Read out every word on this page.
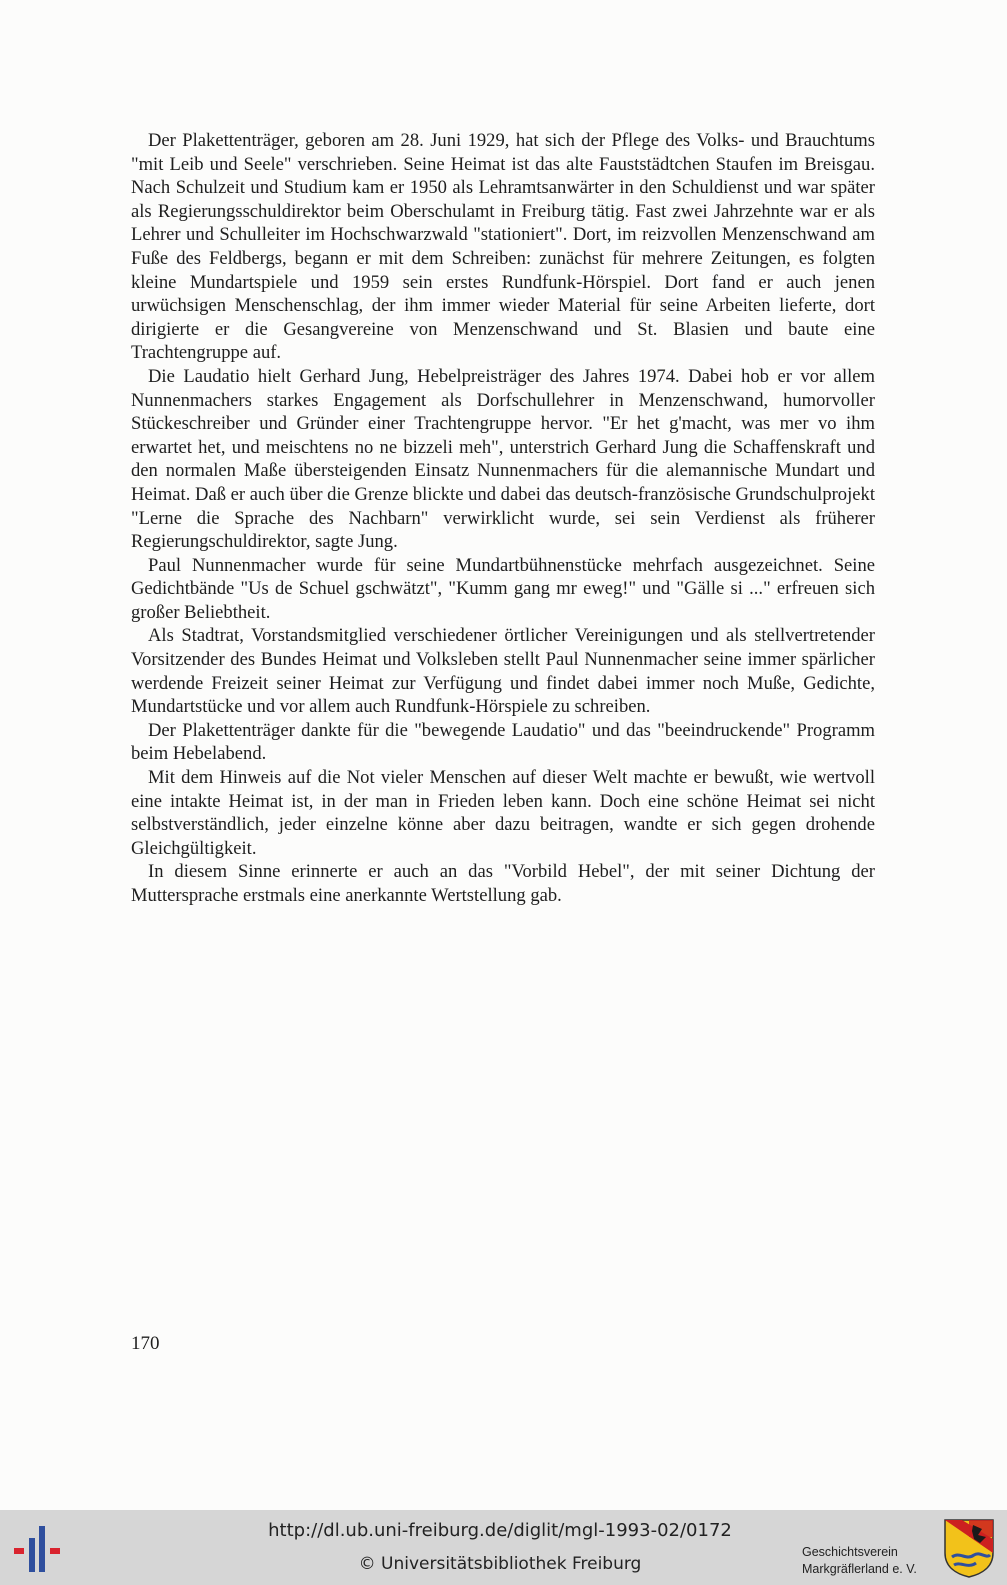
Der Plakettenträger, geboren am 28. Juni 1929, hat sich der Pflege des Volks- und Brauchtums "mit Leib und Seele" verschrieben. Seine Heimat ist das alte Fauststädtchen Staufen im Breisgau. Nach Schulzeit und Studium kam er 1950 als Lehramtsanwärter in den Schuldienst und war später als Regierungsschuldirektor beim Oberschulamt in Freiburg tätig. Fast zwei Jahrzehnte war er als Lehrer und Schulleiter im Hochschwarzwald "stationiert". Dort, im reizvollen Menzenschwand am Fuße des Feldbergs, begann er mit dem Schreiben: zunächst für mehrere Zeitungen, es folgten kleine Mundartspiele und 1959 sein erstes Rundfunk-Hörspiel. Dort fand er auch jenen urwüchsigen Menschenschlag, der ihm immer wieder Material für seine Arbeiten lieferte, dort dirigierte er die Gesangvereine von Menzenschwand und St. Blasien und baute eine Trachtengruppe auf.

Die Laudatio hielt Gerhard Jung, Hebelpreisträger des Jahres 1974. Dabei hob er vor allem Nunnenmachers starkes Engagement als Dorfschullehrer in Menzenschwand, humorvoller Stückeschreiber und Gründer einer Trachtengruppe hervor. "Er het g'macht, was mer vo ihm erwartet het, und meischtens no ne bizzeli meh", unterstrich Gerhard Jung die Schaffenskraft und den normalen Maße übersteigenden Einsatz Nunnenmachers für die alemannische Mundart und Heimat. Daß er auch über die Grenze blickte und dabei das deutsch-französische Grundschulprojekt "Lerne die Sprache des Nachbarn" verwirklicht wurde, sei sein Verdienst als früherer Regierungschuldirektor, sagte Jung.

Paul Nunnenmacher wurde für seine Mundartbühnenstücke mehrfach ausgezeichnet. Seine Gedichtbände "Us de Schuel gschwätzt", "Kumm gang mr eweg!" und "Gälle si ..." erfreuen sich großer Beliebtheit.

Als Stadtrat, Vorstandsmitglied verschiedener örtlicher Vereinigungen und als stellvertretender Vorsitzender des Bundes Heimat und Volksleben stellt Paul Nunnenmacher seine immer spärlicher werdende Freizeit seiner Heimat zur Verfügung und findet dabei immer noch Muße, Gedichte, Mundartstücke und vor allem auch Rundfunk-Hörspiele zu schreiben.

Der Plakettenträger dankte für die "bewegende Laudatio" und das "beeindruckende" Programm beim Hebelabend.

Mit dem Hinweis auf die Not vieler Menschen auf dieser Welt machte er bewußt, wie wertvoll eine intakte Heimat ist, in der man in Frieden leben kann. Doch eine schöne Heimat sei nicht selbstverständlich, jeder einzelne könne aber dazu beitragen, wandte er sich gegen drohende Gleichgültigkeit.

In diesem Sinne erinnerte er auch an das "Vorbild Hebel", der mit seiner Dichtung der Muttersprache erstmals eine anerkannte Wertstellung gab.

170
http://dl.ub.uni-freiburg.de/diglit/mgl-1993-02/0172
© Universitätsbibliothek Freiburg
Geschichtsverein
Markgräflerland e. V.
